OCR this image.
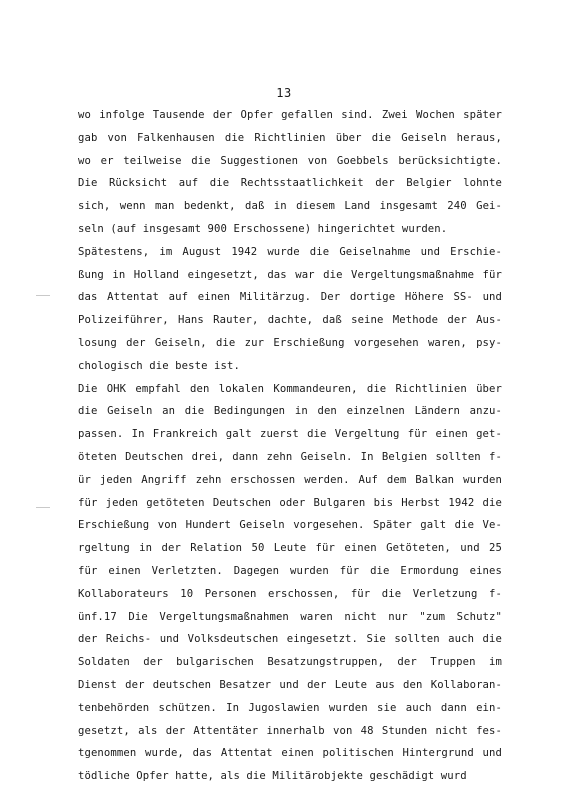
13
wo infolge Tausende der Opfer gefallen sind. Zwei Wochen später
gab von Falkenhausen die Richtlinien über die Geiseln heraus,
wo er teilweise die Suggestionen von Goebbels berücksichtigte.
Die Rücksicht auf die Rechtsstaatlichkeit der Belgier lohnte
sich, wenn man bedenkt, daß in diesem Land insgesamt 240 Gei-
seln (auf insgesamt 900 Erschossene) hingerichtet wurden.
Spätestens, im August 1942 wurde die Geiselnahme und Erschie-
ßung in Holland eingesetzt, das war die Vergeltungsmaßnahme für
das Attentat auf einen Militärzug. Der dortige Höhere SS- und
Polizeiführer, Hans Rauter, dachte, daß seine Methode der Aus-
losung der Geiseln, die zur Erschießung vorgesehen waren, psy-
chologisch die beste ist.
Die OHK empfahl den lokalen Kommandeuren, die Richtlinien über
die Geiseln an die Bedingungen in den einzelnen Ländern anzu-
passen. In Frankreich galt zuerst die Vergeltung für einen get-
öteten Deutschen drei, dann zehn Geiseln. In Belgien sollten f-
ür jeden Angriff zehn erschossen werden. Auf dem Balkan wurden
für jeden getöteten Deutschen oder Bulgaren bis Herbst 1942 die
Erschießung von Hundert Geiseln vorgesehen. Später galt die Ve-
rgeltung in der Relation 50 Leute für einen Getöteten, und 25
für einen Verletzten. Dagegen wurden für die Ermordung eines
Kollaborateurs 10 Personen erschossen, für die Verletzung f-
ünf.17 Die Vergeltungsmaßnahmen waren nicht nur "zum Schutz"
der Reichs- und Volksdeutschen eingesetzt. Sie sollten auch die
Soldaten der bulgarischen Besatzungstruppen, der Truppen im
Dienst der deutschen Besatzer und der Leute aus den Kollaboran-
tenbehörden schützen. In Jugoslawien wurden sie auch dann ein-
gesetzt, als der Attentäter innerhalb von 48 Stunden nicht fes-
tgenommen wurde, das Attentat einen politischen Hintergrund und
tödliche Opfer hatte, als die Militärobjekte geschädigt wurd
